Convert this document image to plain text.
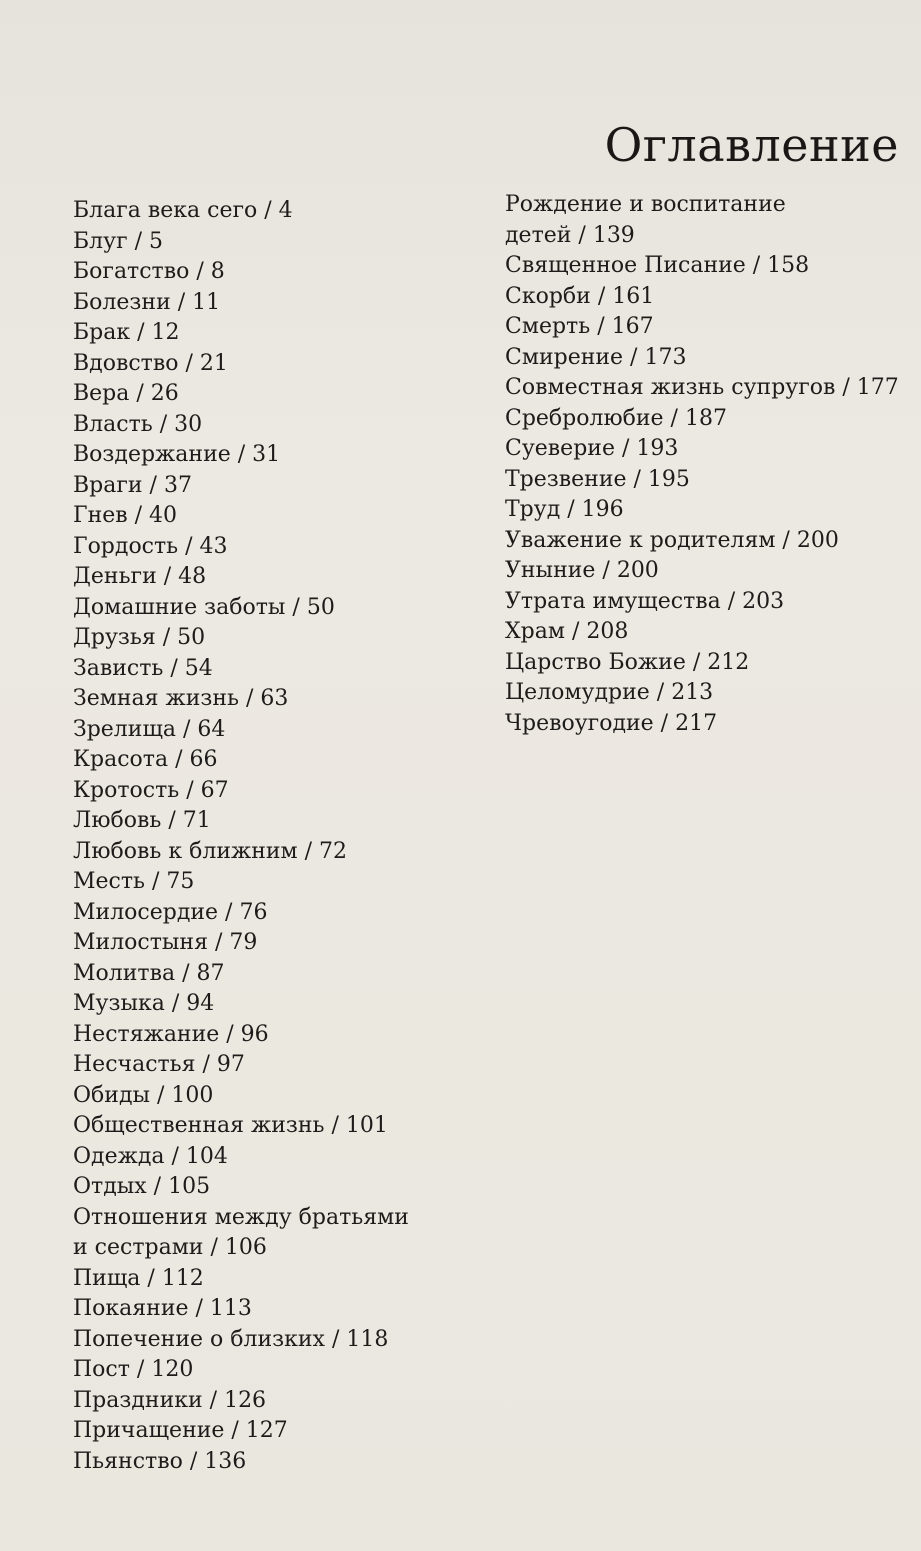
Оглавление
Блага века сего / 4
Блуг / 5
Богатство / 8
Болезни / 11
Брак / 12
Вдовство / 21
Вера / 26
Власть / 30
Воздержание / 31
Враги / 37
Гнев / 40
Гордость / 43
Деньги / 48
Домашние заботы / 50
Друзья / 50
Зависть / 54
Земная жизнь / 63
Зрелища / 64
Красота / 66
Кротость / 67
Любовь / 71
Любовь к ближним / 72
Месть / 75
Милосердие / 76
Милостыня / 79
Молитва / 87
Музыка / 94
Нестяжание / 96
Несчастья / 97
Обиды / 100
Общественная жизнь / 101
Одежда / 104
Отдых / 105
Отношения между братьями
и сестрами / 106
Пища / 112
Покаяние / 113
Попечение о близких / 118
Пост / 120
Праздники / 126
Причащение / 127
Пьянство / 136
Рождение и воспитание
детей / 139
Священное Писание / 158
Скорби / 161
Смерть / 167
Смирение / 173
Совместная жизнь супругов / 177
Сребролюбие / 187
Суеверие / 193
Трезвение / 195
Труд / 196
Уважение к родителям / 200
Уныние / 200
Утрата имущества / 203
Храм / 208
Царство Божие / 212
Целомудрие / 213
Чревоугодие / 217
